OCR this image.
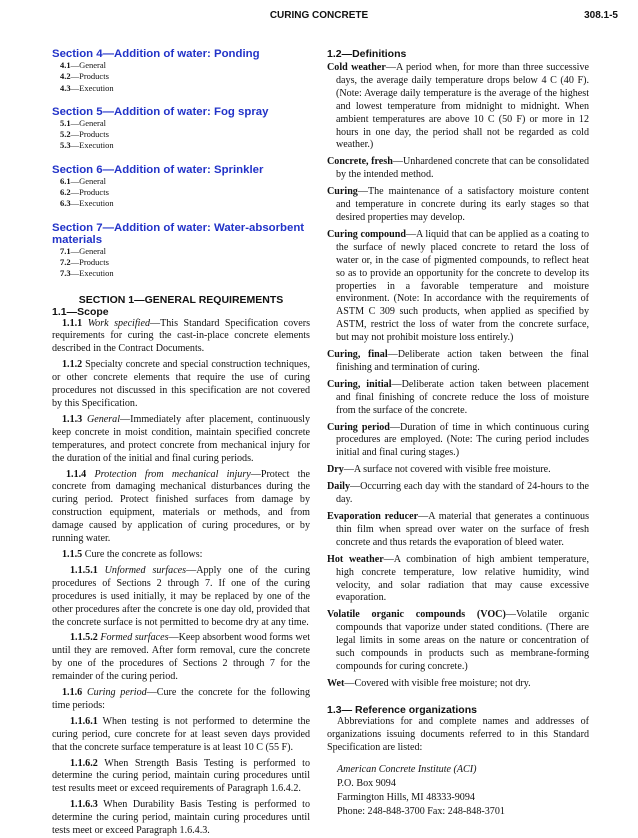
CURING CONCRETE	308.1-5
Section 4—Addition of water: Ponding
4.1—General
4.2—Products
4.3—Execution
Section 5—Addition of water: Fog spray
5.1—General
5.2—Products
5.3—Execution
Section 6—Addition of water: Sprinkler
6.1—General
6.2—Products
6.3—Execution
Section 7—Addition of water: Water-absorbent materials
7.1—General
7.2—Products
7.3—Execution
SECTION 1—GENERAL REQUIREMENTS
1.1—Scope

1.1.1 Work specified—This Standard Specification covers requirements for curing the cast-in-place concrete elements described in the Contract Documents.

1.1.2 Specialty concrete and special construction techniques, or other concrete elements that require the use of curing procedures not discussed in this specification are not covered by this Specification.

1.1.3 General—Immediately after placement, continuously keep concrete in moist condition, maintain specified concrete temperatures, and protect concrete from mechanical injury for the duration of the initial and final curing periods.

1.1.4 Protection from mechanical injury—Protect the concrete from damaging mechanical disturbances during the curing period. Protect finished surfaces from damage by construction equipment, materials or methods, and from damage caused by application of curing procedures, or by running water.

1.1.5 Cure the concrete as follows:

1.1.5.1 Unformed surfaces—Apply one of the curing procedures of Sections 2 through 7. If one of the curing procedures is used initially, it may be replaced by one of the other procedures after the concrete is one day old, provided that the concrete surface is not permitted to become dry at any time.

1.1.5.2 Formed surfaces—Keep absorbent wood forms wet until they are removed. After form removal, cure the concrete by one of the procedures of Sections 2 through 7 for the remainder of the curing period.

1.1.6 Curing period—Cure the concrete for the following time periods:

1.1.6.1 When testing is not performed to determine the curing period, cure concrete for at least seven days provided that the concrete surface temperature is at least 10 C (55 F).

1.1.6.2 When Strength Basis Testing is performed to determine the curing period, maintain curing procedures until test results meet or exceed requirements of Paragraph 1.6.4.2.

1.1.6.3 When Durability Basis Testing is performed to determine the curing period, maintain curing procedures until tests meet or exceed Paragraph 1.6.4.3.

1.2—Definitions
Cold weather—A period when, for more than three successive days, the average daily temperature drops below 4 C (40 F). (Note: Average daily temperature is the average of the highest and lowest temperature from midnight to midnight. When ambient temperatures are above 10 C (50 F) or more in 12 hours in one day, the period shall not be regarded as cold weather.)
Concrete, fresh—Unhardened concrete that can be consolidated by the intended method.
Curing—The maintenance of a satisfactory moisture content and temperature in concrete during its early stages so that desired properties may develop.
Curing compound—A liquid that can be applied as a coating to the surface of newly placed concrete to retard the loss of water or, in the case of pigmented compounds, to reflect heat so as to provide an opportunity for the concrete to develop its properties in a favorable temperature and moisture environment. (Note: In accordance with the requirements of ASTM C 309 such products, when applied as specified by ASTM, restrict the loss of water from the concrete surface, but may not prohibit moisture loss entirely.)
Curing, final—Deliberate action taken between the final finishing and termination of curing.
Curing, initial—Deliberate action taken between placement and final finishing of concrete reduce the loss of moisture from the surface of the concrete.
Curing period—Duration of time in which continuous curing procedures are employed. (Note: The curing period includes initial and final curing stages.)
Dry—A surface not covered with visible free moisture.
Daily—Occurring each day with the standard of 24-hours to the day.
Evaporation reducer—A material that generates a continuous thin film when spread over water on the surface of fresh concrete and thus retards the evaporation of bleed water.
Hot weather—A combination of high ambient temperature, high concrete temperature, low relative humidity, wind velocity, and solar radiation that may cause excessive evaporation.
Volatile organic compounds (VOC)—Volatile organic compounds that vaporize under stated conditions. (There are legal limits in some areas on the nature or concentration of such compounds in products such as membrane-forming compounds for curing concrete.)
Wet—Covered with visible free moisture; not dry.
1.3— Reference organizations

Abbreviations for and complete names and addresses of organizations issuing documents referred to in this Standard Specification are listed:

American Concrete Institute (ACI)
P.O. Box 9094
Farmington Hills, MI 48333-9094
Phone: 248-848-3700 Fax: 248-848-3701
